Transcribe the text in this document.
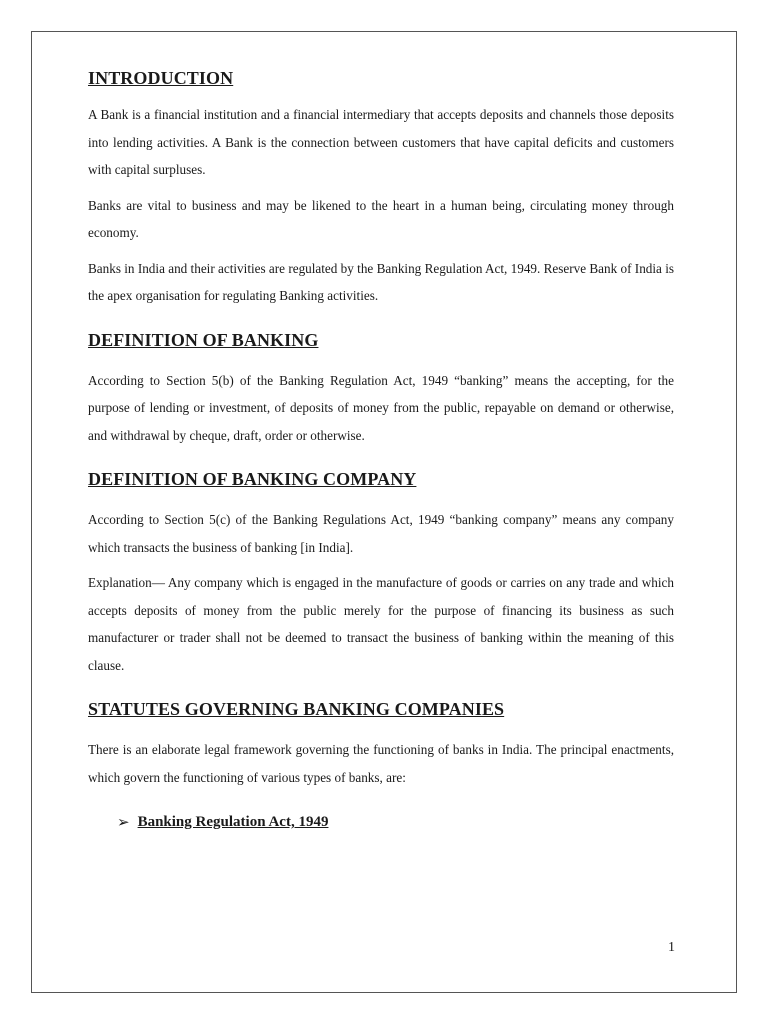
INTRODUCTION

A Bank is a financial institution and a financial intermediary that accepts deposits and channels those deposits into lending activities. A Bank is the connection between customers that have capital deficits and customers with capital surpluses.

Banks are vital to business and may be likened to the heart in a human being, circulating money through economy.

Banks in India and their activities are regulated by the Banking Regulation Act, 1949. Reserve Bank of India is the apex organisation for regulating Banking activities.

DEFINITION OF BANKING

According to Section 5(b) of the Banking Regulation Act, 1949 “banking” means the accepting, for the purpose of lending or investment, of deposits of money from the public, repayable on demand or otherwise, and withdrawal by cheque, draft, order or otherwise.

DEFINITION OF BANKING COMPANY

According to Section 5(c) of the Banking Regulations Act, 1949 “banking company” means any company which transacts the business of banking [in India].

Explanation— Any company which is engaged in the manufacture of goods or carries on any trade and which accepts deposits of money from the public merely for the purpose of financing its business as such manufacturer or trader shall not be deemed to transact the business of banking within the meaning of this clause.

STATUTES GOVERNING BANKING COMPANIES

There is an elaborate legal framework governing the functioning of banks in India. The principal enactments, which govern the functioning of various types of banks, are:

➢ Banking Regulation Act, 1949
1
